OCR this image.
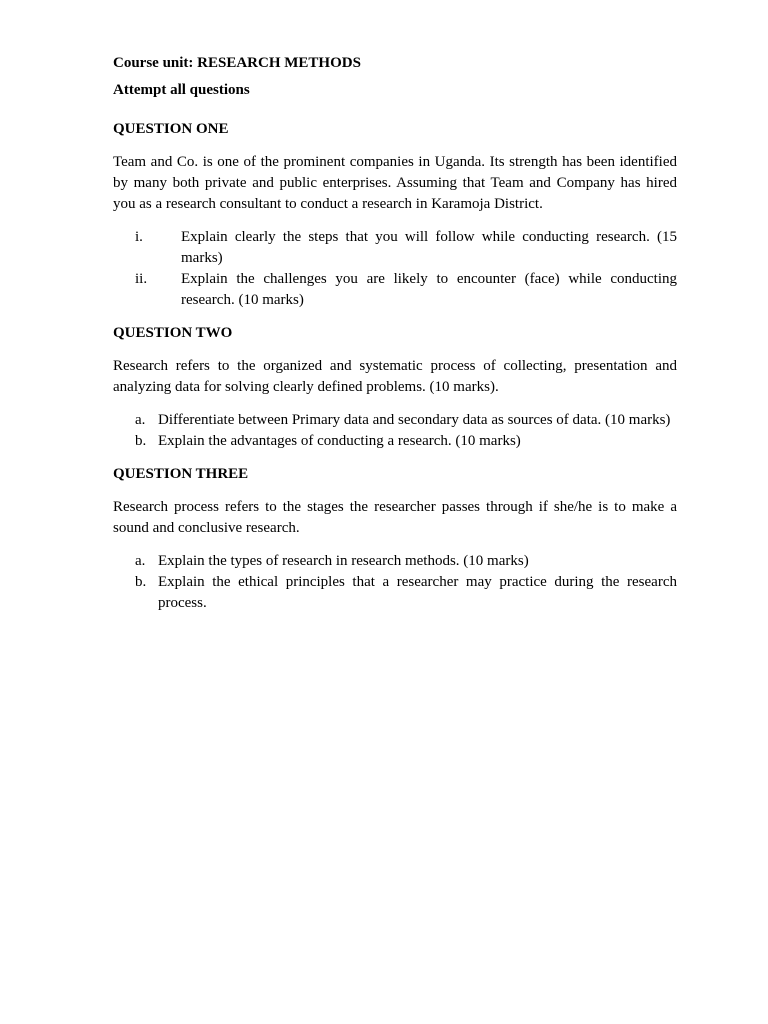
Course unit: RESEARCH METHODS

Attempt all questions

QUESTION ONE

Team and Co. is one of the prominent companies in Uganda. Its strength has been identified by many both private and public enterprises. Assuming that Team and Company has hired you as a research consultant to conduct a research in Karamoja District.

i.	Explain clearly the steps that you will follow while conducting research. (15 marks)
ii.	Explain the challenges you are likely to encounter (face) while conducting research. (10 marks)

QUESTION TWO

Research refers to the organized and systematic process of collecting, presentation and analyzing data for solving clearly defined problems. (10 marks).

a. Differentiate between Primary data and secondary data as sources of data. (10 marks)
b. Explain the advantages of conducting a research. (10 marks)

QUESTION THREE

Research process refers to the stages the researcher passes through if she/he is to make a sound and conclusive research.

a. Explain the types of research in research methods. (10 marks)
b. Explain the ethical principles that a researcher may practice during the research process.
